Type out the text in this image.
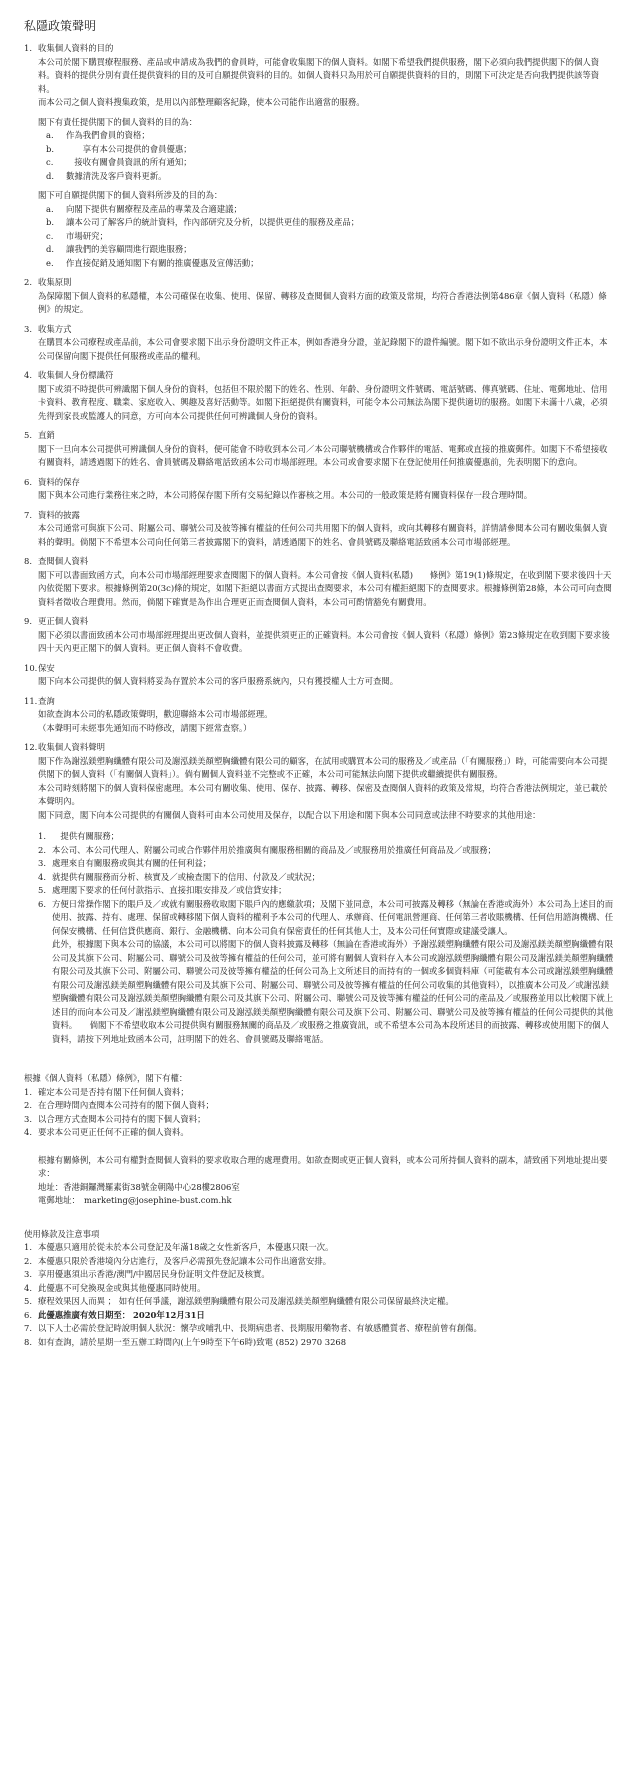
私隱政策聲明
1. 收集個人資料的目的

本公司於閣下購買療程服務、產品或申請成為我們的會員時，可能會收集閣下的個人資料。如閣下希望我們提供服務，閣下必須向我們提供閣下的個人資料。資料的提供分別有責任提供資料的目的及可自願提供資料的目的。如個人資料只為用於可自願提供資料的目的，則閣下可決定是否向我們提供該等資料。

而本公司之個人資料搜集政策，是用以內部整理顧客紀錄，使本公司能作出適當的服務。

閣下有責任提供閣下的個人資料的目的為：
a.	作為我們會員的資格；
b.	　　享有本公司提供的會員優惠；
c.	　接收有關會員資訊的所有通知；
d.	數據清洗及客戶資料更新。
閣下可自願提供閣下的個人資料所涉及的目的為：
a.	向閣下提供有關療程及產品的專業及合適建議；
b.	讓本公司了解客戶的統計資料，作內部研究及分析，以提供更佳的服務及產品；
c.	市場研究；
d.	讓我們的美容顧問進行跟進服務；
e.	作直接促銷及通知閣下有關的推廣優惠及宣傳活動；
2. 收集原則

為保障閣下個人資料的私隱權，本公司確保在收集、使用、保留、轉移及查閱個人資料方面的政策及常規，均符合香港法例第486章《個人資料（私隱）條例》的規定。

3. 收集方式

在購買本公司療程或產品前，本公司會要求閣下出示身份證明文件正本，例如香港身分證，並記錄閣下的證件編號。閣下如不欲出示身份證明文件正本，本公司保留向閣下提供任何服務或產品的權利。

4. 收集個人身份標識符

閣下或須不時提供可辨識閣下個人身份的資料，包括但不限於閣下的姓名、性別、年齡、身份證明文件號碼、電話號碼、傳真號碼、住址、電郵地址、信用卡資料、教育程度、職業、家庭收入、興趣及喜好活動等。如閣下拒絕提供有關資料，可能令本公司無法為閣下提供適切的服務。如閣下未滿十八歲，必須先得到家長或監護人的同意，方可向本公司提供任何可辨識個人身份的資料。

5. 直銷

閣下一旦向本公司提供可辨識個人身份的資料，便可能會不時收到本公司／本公司聯號機構或合作夥伴的電話、電郵或直接的推廣郵件。如閣下不希望接收有關資料，請透過閣下的姓名、會員號碼及聯絡電話致函本公司市場部經理。本公司或會要求閣下在登記使用任何推廣優惠前，先表明閣下的意向。

6. 資料的保存

閣下與本公司進行業務往來之時，本公司將保存閣下所有交易紀錄以作審核之用。本公司的一般政策是將有關資料保存一段合理時間。

7. 資料的披露

本公司通常可與旗下公司、附屬公司、聯號公司及彼等擁有權益的任何公司共用閣下的個人資料，或向其轉移有關資料，詳情請參閱本公司有關收集個人資料的聲明。倘閣下不希望本公司向任何第三者披露閣下的資料，請透過閣下的姓名、會員號碼及聯絡電話致函本公司市場部經理。

8. 查閱個人資料

閣下可以書面致函方式，向本公司市場部經理要求查閱閣下的個人資料。本公司會按《個人資料(私隱)　　條例》第19(1)條規定，在收到閣下要求後四十天內依從閣下要求。根據條例第20(3c)條的規定，如閣下拒絕以書面方式提出查閱要求，本公司有權拒絕閣下的查閱要求。根據條例第28條，本公司可向查閱資料者徵收合理費用。然而，倘閣下確實是為作出合理更正而查閱個人資料，本公司可酌情豁免有關費用。

9. 更正個人資料

閣下必須以書面致函本公司市場部經理提出更改個人資料，並提供須更正的正確資料。本公司會按《個人資料（私隱）條例》第23條規定在收到閣下要求後四十天內更正閣下的個人資料。更正個人資料不會收費。

10. 保安

閣下向本公司提供的個人資料將妥為存置於本公司的客戶服務系統內，只有獲授權人士方可查閱。

11. 查詢

如欲查詢本公司的私隱政策聲明，歡迎聯絡本公司市場部經理。

（本聲明可未經事先通知而不時修改，請閣下經常查察。）

12. 收集個人資料聲明

閣下作為謝泓鎂塑胸纖體有限公司及謝泓鎂美顏塑胸纖體有限公司的顧客，在試用或購買本公司的服務及／或產品（「有關服務」）時，可能需要向本公司提供閣下的個人資料（「有關個人資料」）。倘有關個人資料並不完整或不正確，本公司可能無法向閣下提供或繼續提供有關服務。

本公司時刻將閣下的個人資料保密處理。本公司有關收集、使用、保存、披露、轉移、保密及查閱個人資料的政策及常規，均符合香港法例規定，並已載於本聲明內。

閣下同意，閣下向本公司提供的有關個人資料可由本公司使用及保存，以配合以下用途和閣下與本公司同意或法律不時要求的其他用途：

1. 　提供有關服務；
2. 本公司、本公司代理人、附屬公司或合作夥伴用於推廣與有關服務相關的商品及／或服務用於推廣任何商品及／或服務；
3. 處理來自有關服務或與其有關的任何利益；
4. 就提供有關服務而分析、核實及／或檢查閣下的信用、付款及／或狀況；
5. 處理閣下要求的任何付款指示、直接扣賬安排及／或信貸安排；
6. 方便日常操作閣下的賬戶及／或就有關服務收取閣下賬戶內的應繳款項；及閣下並同意，本公司可披露及轉移（無論在香港或海外）本公司為上述目的而使用、披露、持有、處理、保留或轉移閣下個人資料的權利予本公司的代理人、承辦商、任何電訊營運商、任何第三者收賬機構、任何信用諮詢機構、任何保安機構、任何信貸供應商、銀行、金融機構、向本公司負有保密責任的任何其他人士，及本公司任何實際或建議受讓人。

此外，根據閣下與本公司的協議，本公司可以將閣下的個人資料披露及轉移（無論在香港或海外）予謝泓鎂塑胸纖體有限公司及謝泓鎂美顏塑胸纖體有限公司及其旗下公司、附屬公司、聯號公司及彼等擁有權益的任何公司，並可將有關個人資料存入本公司或謝泓鎂塑胸纖體有限公司及謝泓鎂美顏塑胸纖體有限公司及其旗下公司、附屬公司、聯號公司及彼等擁有權益的任何公司為上文所述目的而持有的一個或多個資料庫（可能載有本公司或謝泓鎂塑胸纖體有限公司及謝泓鎂美顏塑胸纖體有限公司及其旗下公司、附屬公司、聯號公司及彼等擁有權益的任何公司收集的其他資料），以推廣本公司及／或謝泓鎂塑胸纖體有限公司及謝泓鎂美顏塑胸纖體有限公司及其旗下公司、附屬公司、聯號公司及彼等擁有權益的任何公司的產品及／或服務並用以比較閣下就上述目的而向本公司及／謝泓鎂塑胸纖體有限公司及謝泓鎂美顏塑胸纖體有限公司及旗下公司、附屬公司、聯號公司及彼等擁有權益的任何公司提供的其他資料。　　倘閣下不希望收取本公司提供與有關服務無關的商品及／或服務之推廣資訊，或不希望本公司為本段所述目的而披露、轉移或使用閣下的個人資料，請按下列地址致函本公司，註明閣下的姓名、會員號碼及聯絡電話。

根據《個人資料（私隱）條例》，閣下有權：

1. 確定本公司是否持有閣下任何個人資料；
2. 在合理時間內查閱本公司持有的閣下個人資料；
3. 以合理方式查閱本公司持有的閣下個人資料；
4. 要求本公司更正任何不正確的個人資料。

根據有關條例，本公司有權對查閱個人資料的要求收取合理的處理費用。如欲查閱或更正個人資料，或本公司所持個人資料的副本，請致函下列地址提出要求：

地址：香港銅鑼灣羅素街38號金朝陽中心28樓2806室

電郵地址：　marketing@josephine-bust.com.hk

使用條款及注意事項

1. 本優惠只適用於從未於本公司登記及年滿18歲之女性新客戶，本優惠只限一次。
2. 本優惠只限於香港境內分店進行，及客戶必需預先登記讓本公司作出適當安排。
3. 享用優惠須出示香港/澳門/中國居民身份証明文件登記及核實。
4. 此優惠不可兌換現金或與其他優惠同時使用。
5. 療程效果因人而異 ； 如有任何爭議，謝泓鎂塑胸纖體有限公司及謝泓鎂美顏塑胸纖體有限公司保留最終決定權。
6. 此優惠推廣有效日期至： 2020年12月31日
7. 以下人士必需於登記時說明個人狀況：懷孕或哺乳中、長期病患者、長期服用藥物者、有敏感體質者、療程前曾有創傷。
8. 如有查詢，請於星期一至五辦工時間內(上午9時至下午6時)致電 (852) 2970 3268
